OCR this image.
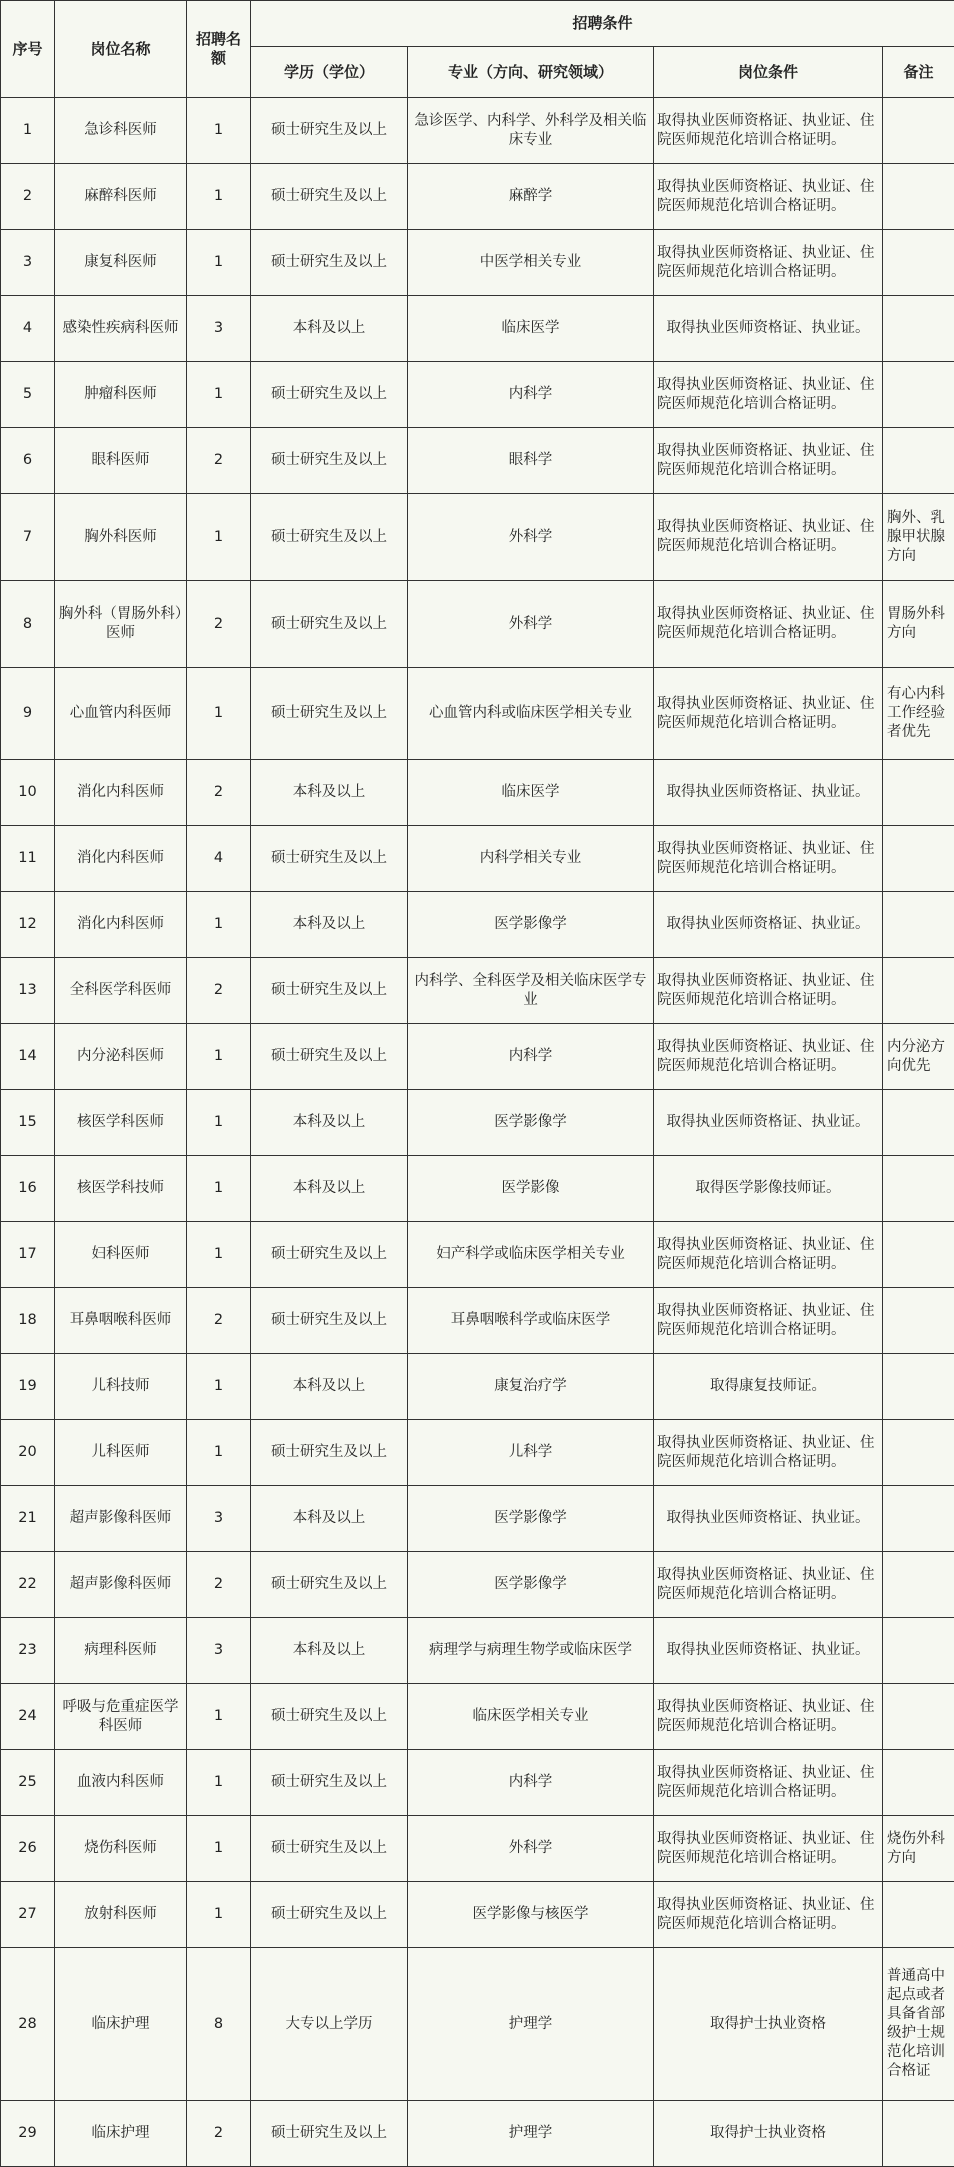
序号	岗位名称	招聘名额	招聘条件			
			学历（学位）	专业（方向、研究领域）	岗位条件	备注
1	急诊科医师	1	硕士研究生及以上	急诊医学、内科学、外科学及相关临床专业	取得执业医师资格证、执业证、住院医师规范化培训合格证明。	
2	麻醉科医师	1	硕士研究生及以上	麻醉学	取得执业医师资格证、执业证、住院医师规范化培训合格证明。	
3	康复科医师	1	硕士研究生及以上	中医学相关专业	取得执业医师资格证、执业证、住院医师规范化培训合格证明。	
4	感染性疾病科医师	3	本科及以上	临床医学	取得执业医师资格证、执业证。	
5	肿瘤科医师	1	硕士研究生及以上	内科学	取得执业医师资格证、执业证、住院医师规范化培训合格证明。	
6	眼科医师	2	硕士研究生及以上	眼科学	取得执业医师资格证、执业证、住院医师规范化培训合格证明。	
7	胸外科医师	1	硕士研究生及以上	外科学	取得执业医师资格证、执业证、住院医师规范化培训合格证明。	胸外、乳腺甲状腺方向
8	胸外科（胃肠外科）医师	2	硕士研究生及以上	外科学	取得执业医师资格证、执业证、住院医师规范化培训合格证明。	胃肠外科方向
9	心血管内科医师	1	硕士研究生及以上	心血管内科或临床医学相关专业	取得执业医师资格证、执业证、住院医师规范化培训合格证明。	有心内科工作经验者优先
10	消化内科医师	2	本科及以上	临床医学	取得执业医师资格证、执业证。	
11	消化内科医师	4	硕士研究生及以上	内科学相关专业	取得执业医师资格证、执业证、住院医师规范化培训合格证明。	
12	消化内科医师	1	本科及以上	医学影像学	取得执业医师资格证、执业证。	
13	全科医学科医师	2	硕士研究生及以上	内科学、全科医学及相关临床医学专业	取得执业医师资格证、执业证、住院医师规范化培训合格证明。	
14	内分泌科医师	1	硕士研究生及以上	内科学	取得执业医师资格证、执业证、住院医师规范化培训合格证明。	内分泌方向优先
15	核医学科医师	1	本科及以上	医学影像学	取得执业医师资格证、执业证。	
16	核医学科技师	1	本科及以上	医学影像	取得医学影像技师证。	
17	妇科医师	1	硕士研究生及以上	妇产科学或临床医学相关专业	取得执业医师资格证、执业证、住院医师规范化培训合格证明。	
18	耳鼻咽喉科医师	2	硕士研究生及以上	耳鼻咽喉科学或临床医学	取得执业医师资格证、执业证、住院医师规范化培训合格证明。	
19	儿科技师	1	本科及以上	康复治疗学	取得康复技师证。	
20	儿科医师	1	硕士研究生及以上	儿科学	取得执业医师资格证、执业证、住院医师规范化培训合格证明。	
21	超声影像科医师	3	本科及以上	医学影像学	取得执业医师资格证、执业证。	
22	超声影像科医师	2	硕士研究生及以上	医学影像学	取得执业医师资格证、执业证、住院医师规范化培训合格证明。	
23	病理科医师	3	本科及以上	病理学与病理生物学或临床医学	取得执业医师资格证、执业证。	
24	呼吸与危重症医学科医师	1	硕士研究生及以上	临床医学相关专业	取得执业医师资格证、执业证、住院医师规范化培训合格证明。	
25	血液内科医师	1	硕士研究生及以上	内科学	取得执业医师资格证、执业证、住院医师规范化培训合格证明。	
26	烧伤科医师	1	硕士研究生及以上	外科学	取得执业医师资格证、执业证、住院医师规范化培训合格证明。	烧伤外科方向
27	放射科医师	1	硕士研究生及以上	医学影像与核医学	取得执业医师资格证、执业证、住院医师规范化培训合格证明。	
28	临床护理	8	大专以上学历	护理学	取得护士执业资格	普通高中起点或者具备省部级护士规范化培训合格证
29	临床护理	2	硕士研究生及以上	护理学	取得护士执业资格	
